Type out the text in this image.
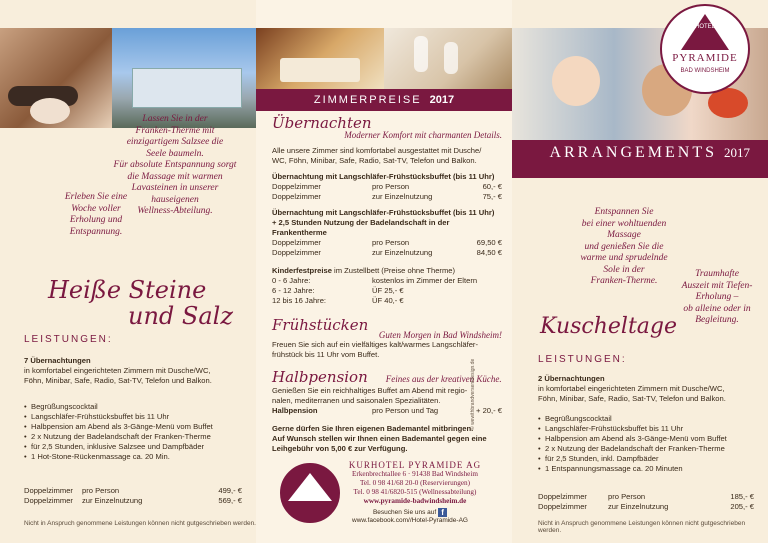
Lassen Sie in der
Franken-Therme mit
einzigartigem Salzsee die
Seele baumeln.
Für absolute Entspannung sorgt
die Massage mit warmen
Lavasteinen in unserer
hauseigenen
Wellness-Abteilung.
Erleben Sie eine
Woche voller
Erholung und
Entspannung.
Heiße Steine
und Salz
LEISTUNGEN:
7 Übernachtungen
in komfortabel eingerichteten Zimmern mit Dusche/WC,
Föhn, Minibar, Safe, Radio, Sat-TV, Telefon und Balkon.
• Begrüßungscocktail
• Langschläfer-Frühstücksbuffet bis 11 Uhr
• Halbpension am Abend als 3-Gänge-Menü vom Buffet
• 2 x Nutzung der Badelandschaft der Franken-Therme
• für 2,5 Stunden, inklusive Salzsee und Dampfbäder
• 1 Hot-Stone-Rückenmassage ca. 20 Min.
Doppelzimmer	pro Person	499,- €
Doppelzimmer	zur Einzelnutzung	569,- €
Nicht in Anspruch genommene Leistungen können nicht gutgeschrieben werden.
ZIMMERPREISE 2017
Übernachten
Moderner Komfort mit charmanten Details.
Alle unsere Zimmer sind komfortabel ausgestattet mit Dusche/
WC, Föhn, Minibar, Safe, Radio, Sat-TV, Telefon und Balkon.
Übernachtung mit Langschläfer-Frühstücksbuffet (bis 11 Uhr)
Doppelzimmer	pro Person	60,- €
Doppelzimmer	zur Einzelnutzung	75,- €
Übernachtung mit Langschläfer-Frühstücksbuffet (bis 11 Uhr)
+ 2,5 Stunden Nutzung der Badelandschaft in der Frankentherme
Doppelzimmer	pro Person	69,50 €
Doppelzimmer	zur Einzelnutzung	84,50 €
Kinderfestpreise im Zustellbett (Preise ohne Therme)
0 - 6 Jahre:	kostenlos im Zimmer der Eltern
6 - 12 Jahre:	ÜF 25,- €
12 bis 16 Jahre:	ÜF 40,- €
Frühstücken
Guten Morgen in Bad Windsheim!
Freuen Sie sich auf ein vielfältiges kalt/warmes Langschläfer-
frühstück bis 11 Uhr vom Buffet.
Halbpension Feines aus der kreativen Küche.
Genießen Sie ein reichhaltiges Buffet am Abend mit regio-
nalen, mediterranen und saisonalen Spezialitäten.
Halbpension	pro Person und Tag	+ 20,- €
Gerne dürfen Sie Ihren eigenen Bademantel mitbringen.
Auf Wunsch stellen wir Ihnen einen Bademantel gegen eine
Leihgebühr von 5,00 € zur Verfügung.
© wewithbrandversentdesign.de
KURHOTEL PYRAMIDE AG
Erkenbrechtallee 6 · 91438 Bad Windsheim
Tel. 0 98 41/68 20-0 (Reservierungen)
Tel. 0 98 41/6820-515 (Wellnessabteilung)
www.pyramide-badwindsheim.de
Besuchen Sie uns auf f
www.facebook.com//Hotel-Pyramide-AG
HOTEL
PYRAMIDE
BAD WINDSHEIM
ARRANGEMENTS 2017
beliebig kombinierbar - ganzjährig buchbar
Entspannen Sie
bei einer wohltuenden
Massage
und genießen Sie die
warme und sprudelnde
Sole in der
Franken-Therme.
Traumhafte
Auszeit mit Tiefen-
Erholung –
ob alleine oder in
Begleitung.
Kuscheltage
LEISTUNGEN:
2 Übernachtungen
in komfortabel eingerichteten Zimmern mit Dusche/WC,
Föhn, Minibar, Safe, Radio, Sat-TV, Telefon und Balkon.
• Begrüßungscocktail
• Langschläfer-Frühstücksbuffet bis 11 Uhr
• Halbpension am Abend als 3-Gänge-Menü vom Buffet
• 2 x Nutzung der Badelandschaft der Franken-Therme
• für 2,5 Stunden, inkl. Dampfbäder
• 1 Entspannungsmassage ca. 20 Minuten
Doppelzimmer	pro Person	185,- €
Doppelzimmer	zur Einzelnutzung	205,- €
Nicht in Anspruch genommene Leistungen können nicht gutgeschrieben werden.
